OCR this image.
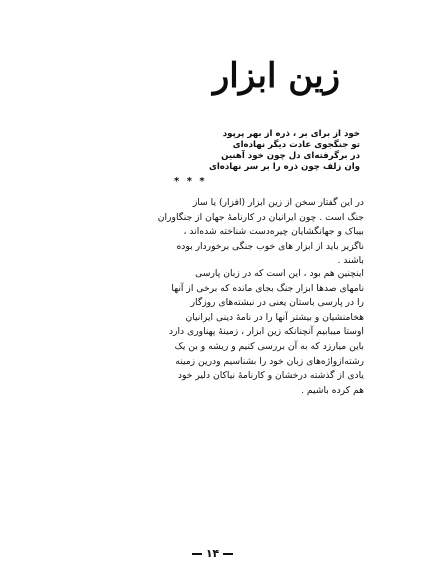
زین ابزار
خود از برای بر ، ذره از بهر پرپود
تو جنگجوی عادت دیگر نهاده‌ای
در برگرفته‌ای دل چون خود آهنین
وان زلف چون ذره را بر سر نهاده‌ای
* * *
در این گفتار سخن از زین ابزار (افزار) یا ساز
جنگ است . چون ایرانیان در کارنامهٔ جهان از جنگاوران
بیباک و جهانگشایان چیره‌دست شناخته شده‌اند ،
ناگزیر باید از ابزار های خوب جنگی برخوردار بوده
باشند .
اینچنین هم بود ، این است که در زبان پارسی
نامهای صدها ابزار جنگ بجای مانده که برخی از آنها
را در پارسی باستان یعنی در نبشته‌های روزگار
هخامنشیان و بیشتر آنها را در نامهٔ دینی ایرانیان
اوستا میبابیم آنچنانکه زین ابزار ، زمینهٔ پهناوری دارد
باین میارزد که به آن بررسی کنیم و ریشه و بن یک
رشته‌ازواژه‌های زبان خود را بشناسیم ودرین زمینه
یادی از گذشته درخشان و کارنامهٔ نیاکان دلیر خود
هم کرده باشیم .
۱۴
